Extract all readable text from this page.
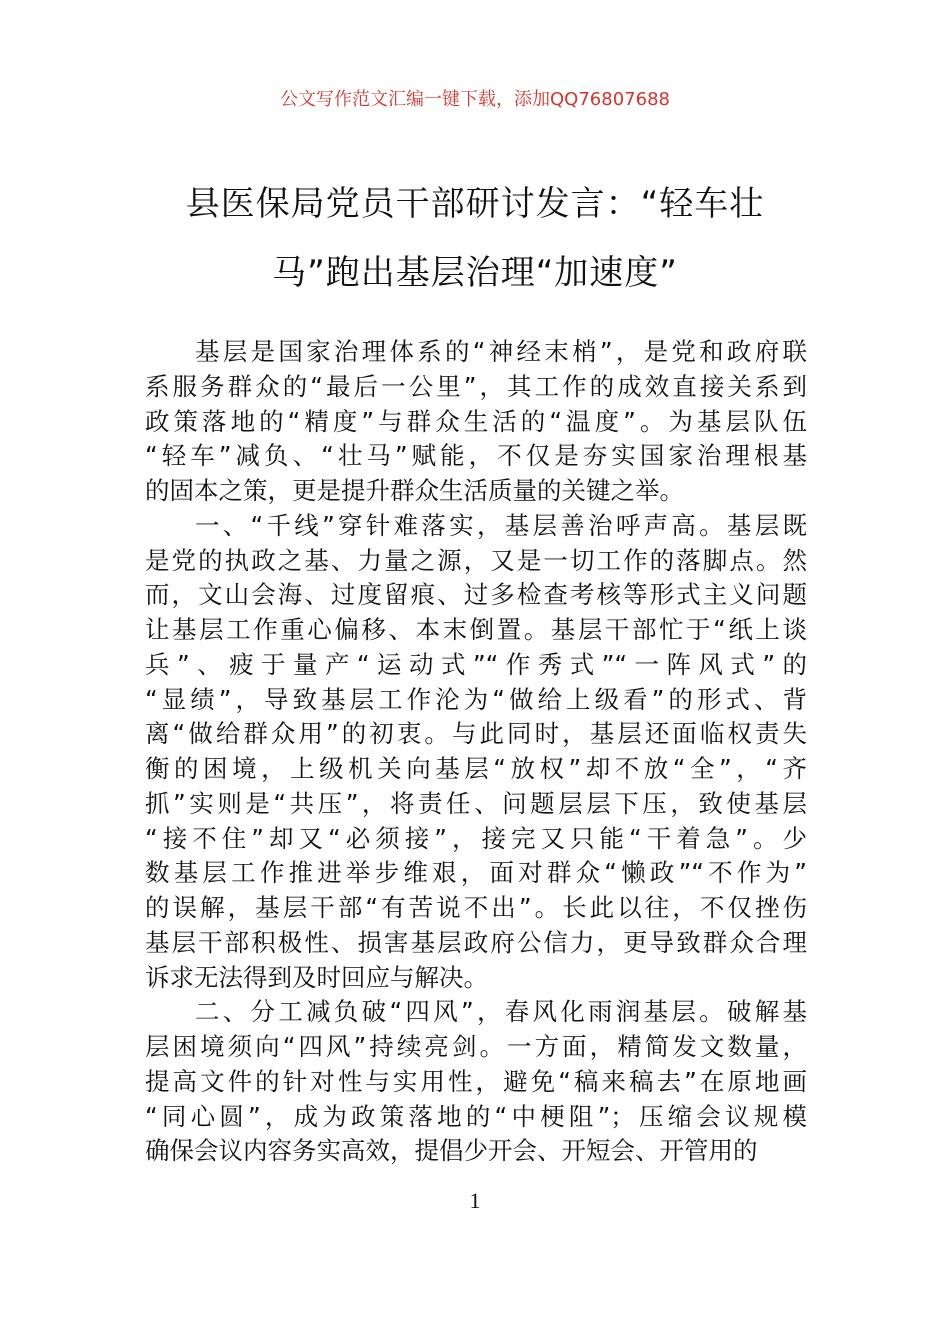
公文写作范文汇编一键下载，添加QQ76807688
县医保局党员干部研讨发言：“轻车壮
马”跑出基层治理“加速度”
基层是国家治理体系的“神经末梢”，是党和政府联
系服务群众的“最后一公里”，其工作的成效直接关系到
政策落地的“精度”与群众生活的“温度”。为基层队伍
“轻车”减负、“壮马”赋能，不仅是夯实国家治理根基
的固本之策，更是提升群众生活质量的关键之举。
一、“千线”穿针难落实，基层善治呼声高。基层既
是党的执政之基、力量之源，又是一切工作的落脚点。然
而，文山会海、过度留痕、过多检查考核等形式主义问题
让基层工作重心偏移、本末倒置。基层干部忙于“纸上谈
兵”、疲于量产“运动式”“作秀式”“一阵风式”的
“显绩”，导致基层工作沦为“做给上级看”的形式、背
离“做给群众用”的初衷。与此同时，基层还面临权责失
衡的困境，上级机关向基层“放权”却不放“全”，“齐
抓”实则是“共压”，将责任、问题层层下压，致使基层
“接不住”却又“必须接”，接完又只能“干着急”。少
数基层工作推进举步维艰，面对群众“懒政”“不作为”
的误解，基层干部“有苦说不出”。长此以往，不仅挫伤
基层干部积极性、损害基层政府公信力，更导致群众合理
诉求无法得到及时回应与解决。
二、分工减负破“四风”，春风化雨润基层。破解基
层困境须向“四风”持续亮剑。一方面，精简发文数量，
提高文件的针对性与实用性，避免“稿来稿去”在原地画
“同心圆”，成为政策落地的“中梗阻”；压缩会议规模
确保会议内容务实高效，提倡少开会、开短会、开管用的
1
